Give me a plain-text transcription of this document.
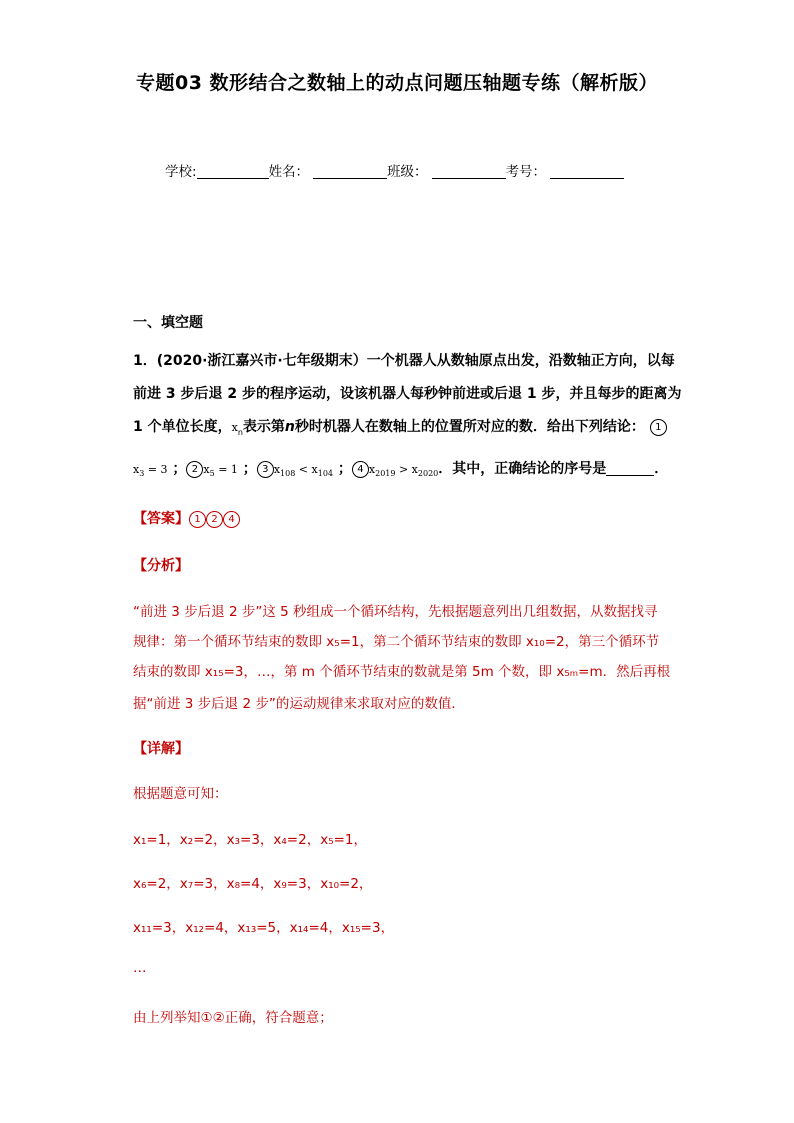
专题03 数形结合之数轴上的动点问题压轴题专练（解析版）
学校:	姓名：	班级：	考号：
一、填空题
1．(2020·浙江嘉兴市·七年级期末）一个机器人从数轴原点出发，沿数轴正方向，以每
前进 3 步后退 2 步的程序运动，设该机器人每秒钟前进或后退 1 步，并且每步的距离为
1 个单位长度，$x_n$表示第n秒时机器人在数轴上的位置所对应的数．给出下列结论： 1
$x_3 = 3$ ； 2 $x_5 = 1$ ； 3 $x_{108} < x_{104}$ ； 4 $x_{2019} > x_{2020}$．其中，正确结论的序号是	．
【答案】 1 2 4
【分析】
“前进 3 步后退 2 步”这 5 秒组成一个循环结构，先根据题意列出几组数据，从数据找寻
规律：第一个循环节结束的数即 x₅=1，第二个循环节结束的数即 x₁₀=2，第三个循环节
结束的数即 x₁₅=3，…，第 m 个循环节结束的数就是第 5m 个数，即 x₅ₘ=m．然后再根
据“前进 3 步后退 2 步”的运动规律来求取对应的数值．
【详解】
根据题意可知：
x₁=1，x₂=2，x₃=3，x₄=2，x₅=1，
x₆=2，x₇=3，x₈=4，x₉=3，x₁₀=2，
x₁₁=3，x₁₂=4，x₁₃=5，x₁₄=4，x₁₅=3，
…
由上列举知①②正确，符合题意；
